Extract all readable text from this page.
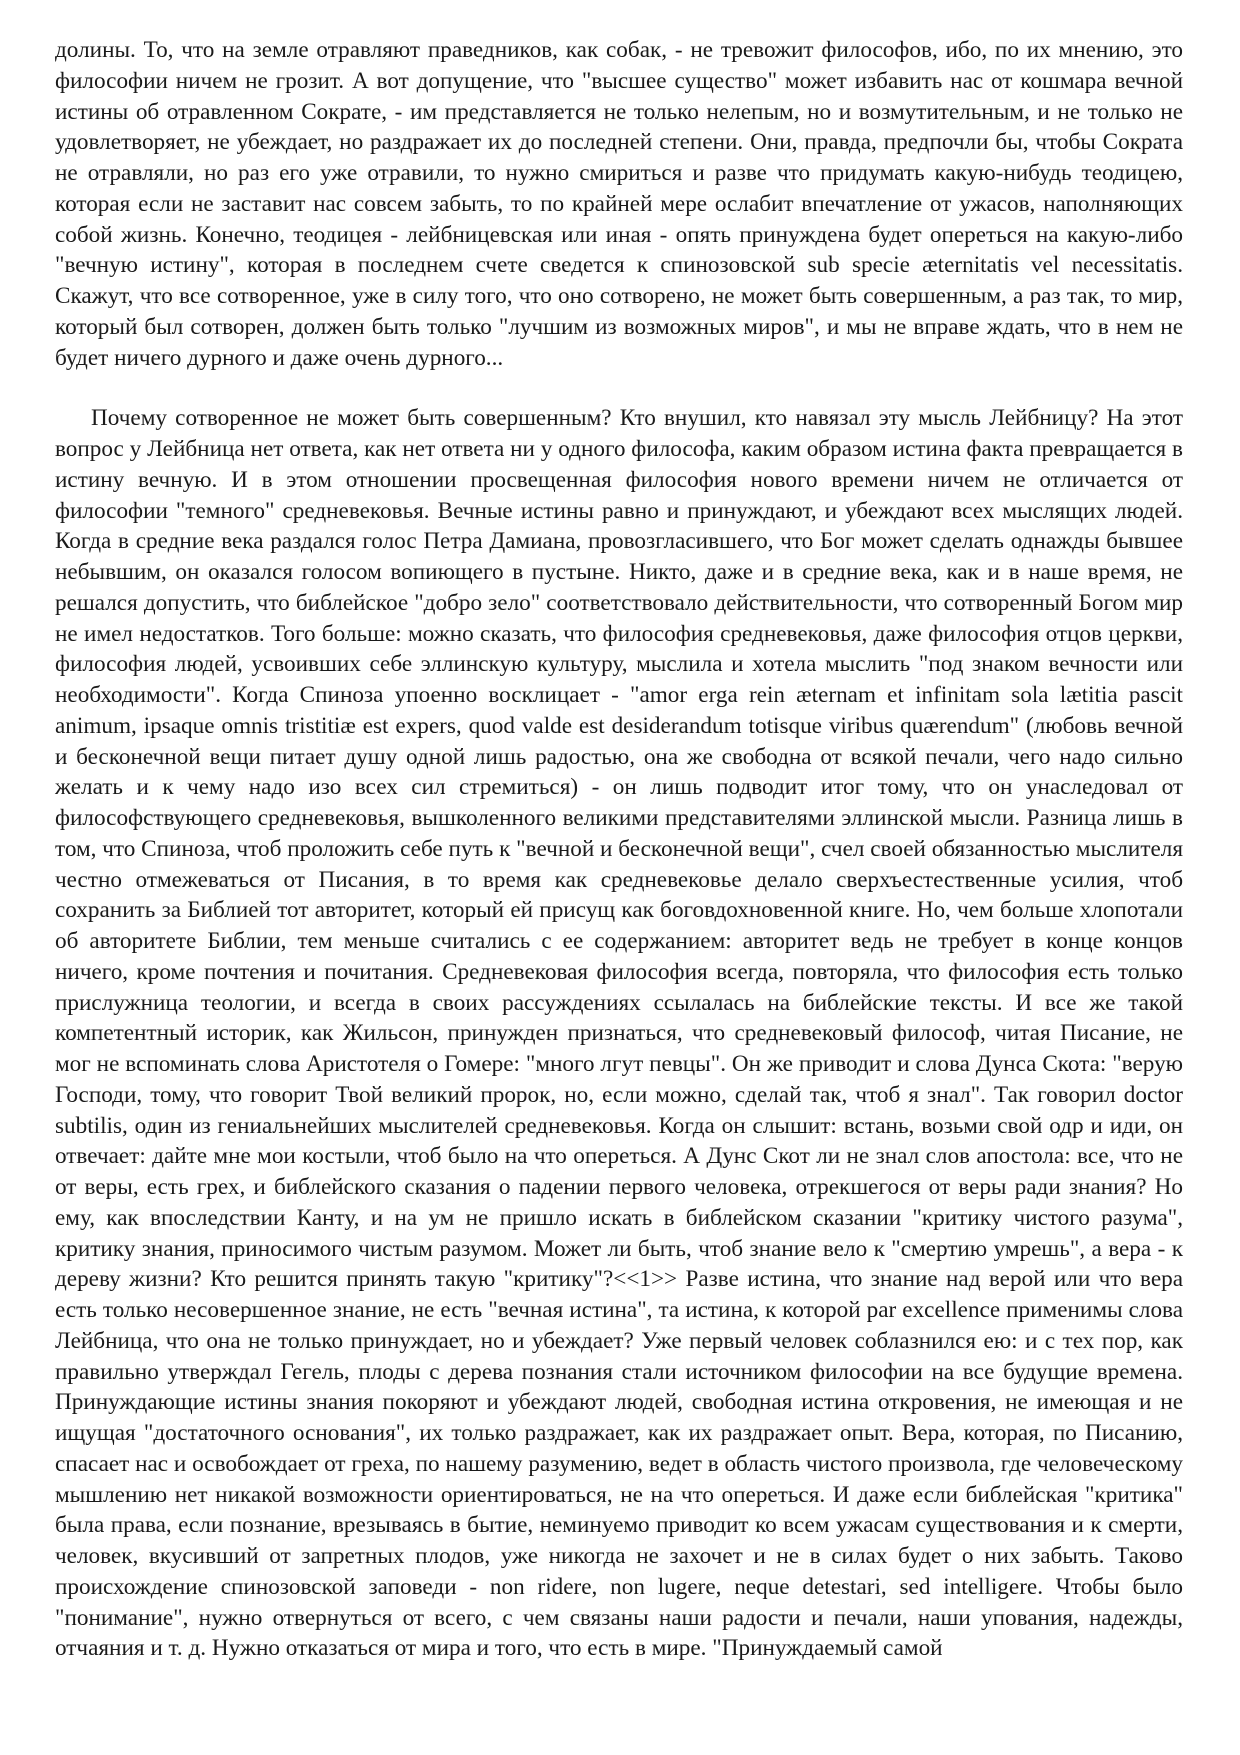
долины. То, что на земле отравляют праведников, как собак, - не тревожит философов, ибо, по их мнению, это философии ничем не грозит. А вот допущение, что "высшее существо" может избавить нас от кошмара вечной истины об отравленном Сократе, - им представляется не только нелепым, но и возмутительным, и не только не удовлетворяет, не убеждает, но раздражает их до последней степени. Они, правда, предпочли бы, чтобы Сократа не отравляли, но раз его уже отравили, то нужно смириться и разве что придумать какую-нибудь теодицею, которая если не заставит нас совсем забыть, то по крайней мере ослабит впечатление от ужасов, наполняющих собой жизнь. Конечно, теодицея - лейбницевская или иная - опять принуждена будет опереться на какую-либо "вечную истину", которая в последнем счете сведется к спинозовской sub specie æternitatis vel necessitatis. Скажут, что все сотворенное, уже в силу того, что оно сотворено, не может быть совершенным, а раз так, то мир, который был сотворен, должен быть только "лучшим из возможных миров", и мы не вправе ждать, что в нем не будет ничего дурного и даже очень дурного...

Почему сотворенное не может быть совершенным? Кто внушил, кто навязал эту мысль Лейбницу? На этот вопрос у Лейбница нет ответа, как нет ответа ни у одного философа, каким образом истина факта превращается в истину вечную. И в этом отношении просвещенная философия нового времени ничем не отличается от философии "темного" средневековья. Вечные истины равно и принуждают, и убеждают всех мыслящих людей. Когда в средние века раздался голос Петра Дамиана, провозгласившего, что Бог может сделать однажды бывшее небывшим, он оказался голосом вопиющего в пустыне. Никто, даже и в средние века, как и в наше время, не решался допустить, что библейское "добро зело" соответствовало действительности, что сотворенный Богом мир не имел недостатков. Того больше: можно сказать, что философия средневековья, даже философия отцов церкви, философия людей, усвоивших себе эллинскую культуру, мыслила и хотела мыслить "под знаком вечности или необходимости". Когда Спиноза упоенно восклицает - "amor erga rein æternam et infinitam sola lætitia pascit animum, ipsaque omnis tristitiæ est expers, quod valde est desiderandum totisque viribus quærendum" (любовь вечной и бесконечной вещи питает душу одной лишь радостью, она же свободна от всякой печали, чего надо сильно желать и к чему надо изо всех сил стремиться) - он лишь подводит итог тому, что он унаследовал от философствующего средневековья, вышколенного великими представителями эллинской мысли. Разница лишь в том, что Спиноза, чтоб проложить себе путь к "вечной и бесконечной вещи", счел своей обязанностью мыслителя честно отмежеваться от Писания, в то время как средневековье делало сверхъестественные усилия, чтоб сохранить за Библией тот авторитет, который ей присущ как боговдохновенной книге. Но, чем больше хлопотали об авторитете Библии, тем меньше считались с ее содержанием: авторитет ведь не требует в конце концов ничего, кроме почтения и почитания. Средневековая философия всегда, повторяла, что философия есть только прислужница теологии, и всегда в своих рассуждениях ссылалась на библейские тексты. И все же такой компетентный историк, как Жильсон, принужден признаться, что средневековый философ, читая Писание, не мог не вспоминать слова Аристотеля о Гомере: "много лгут певцы". Он же приводит и слова Дунса Скота: "верую Господи, тому, что говорит Твой великий пророк, но, если можно, сделай так, чтоб я знал". Так говорил doctor subtilis, один из гениальнейших мыслителей средневековья. Когда он слышит: встань, возьми свой одр и иди, он отвечает: дайте мне мои костыли, чтоб было на что опереться. А Дунс Скот ли не знал слов апостола: все, что не от веры, есть грех, и библейского сказания о падении первого человека, отрекшегося от веры ради знания? Но ему, как впоследствии Канту, и на ум не пришло искать в библейском сказании "критику чистого разума", критику знания, приносимого чистым разумом. Может ли быть, чтоб знание вело к "смертию умрешь", а вера - к дереву жизни? Кто решится принять такую "критику"?<<1>> Разве истина, что знание над верой или что вера есть только несовершенное знание, не есть "вечная истина", та истина, к которой par excellence применимы слова Лейбница, что она не только принуждает, но и убеждает? Уже первый человек соблазнился ею: и с тех пор, как правильно утверждал Гегель, плоды с дерева познания стали источником философии на все будущие времена. Принуждающие истины знания покоряют и убеждают людей, свободная истина откровения, не имеющая и не ищущая "достаточного основания", их только раздражает, как их раздражает опыт. Вера, которая, по Писанию, спасает нас и освобождает от греха, по нашему разумению, ведет в область чистого произвола, где человеческому мышлению нет никакой возможности ориентироваться, не на что опереться. И даже если библейская "критика" была права, если познание, врезываясь в бытие, неминуемо приводит ко всем ужасам существования и к смерти, человек, вкусивший от запретных плодов, уже никогда не захочет и не в силах будет о них забыть. Таково происхождение спинозовской заповеди - non ridere, non lugere, neque detestari, sed intelligere. Чтобы было "понимание", нужно отвернуться от всего, с чем связаны наши радости и печали, наши упования, надежды, отчаяния и т. д. Нужно отказаться от мира и того, что есть в мире. "Принуждаемый самой
